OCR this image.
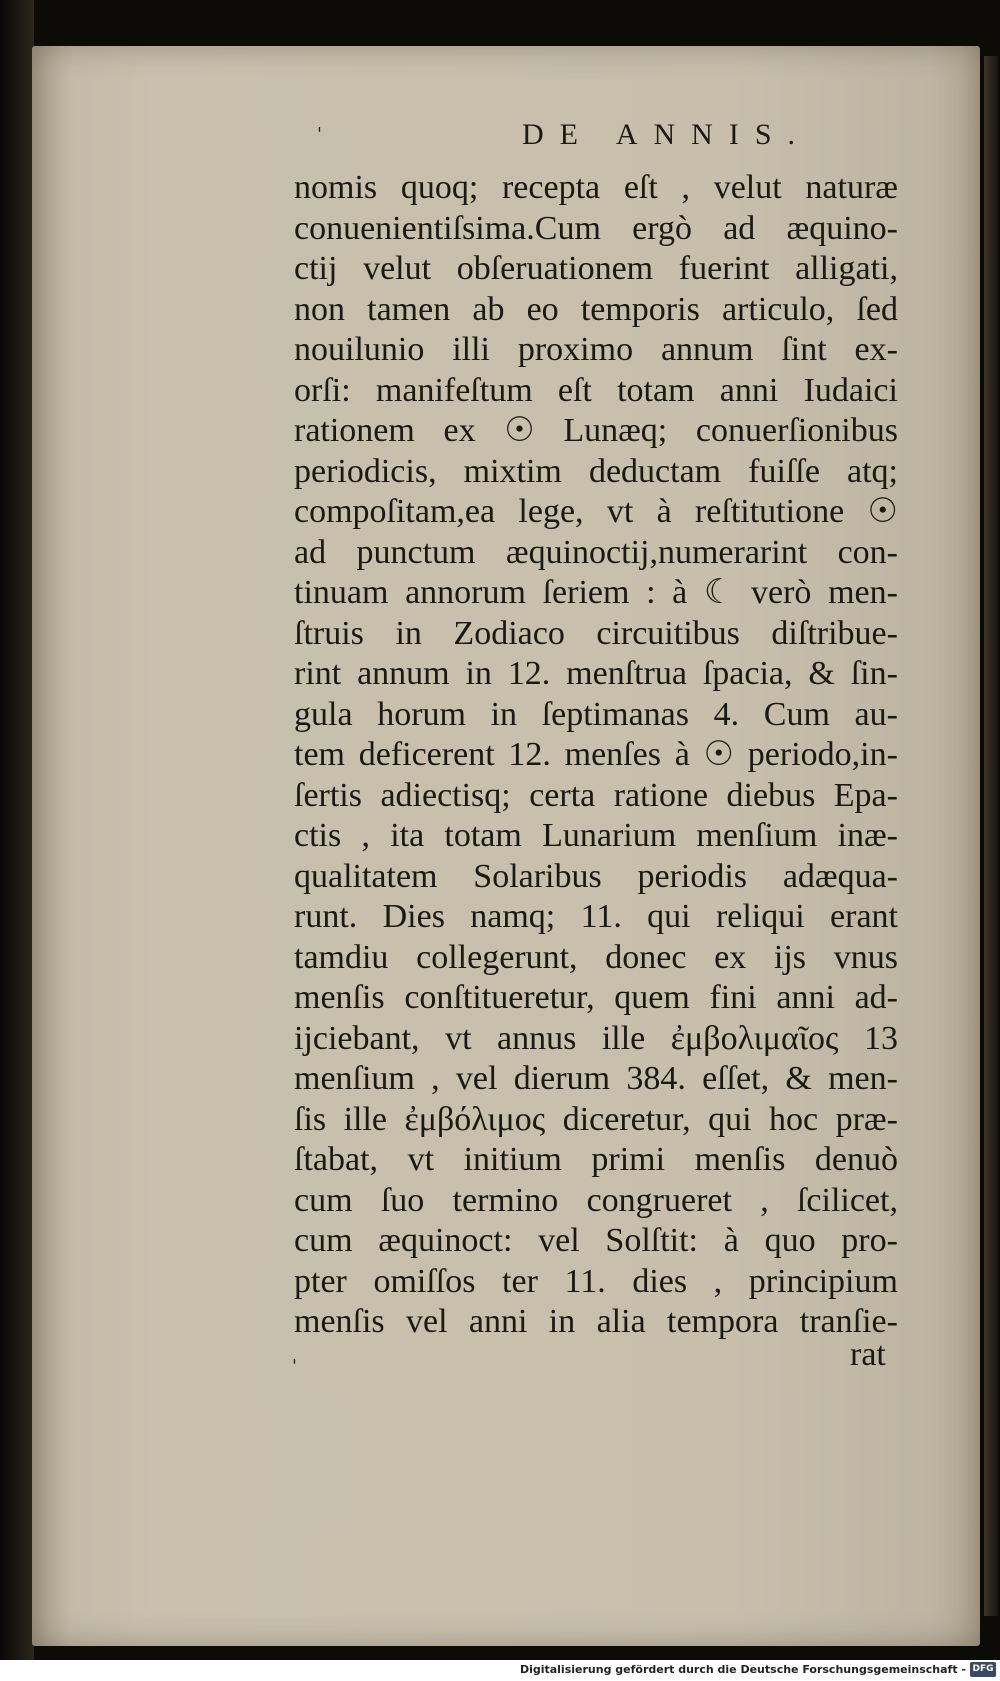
'	DE ANNIS.
nomis quoq; recepta eſt , velut naturæ
conuenientiſsima.Cum ergò ad æquino-
ctij velut obſeruationem fuerint alligati,
non tamen ab eo temporis articulo, ſed
nouilunio illi proximo annum ſint ex-
orſi: manifeſtum eſt totam anni Iudaici
rationem ex ☉ Lunæq; conuerſionibus
periodicis, mixtim deductam fuiſſe atq;
compoſitam,ea lege, vt à reſtitutione ☉
ad punctum æquinoctij,numerarint con-
tinuam annorum ſeriem : à ☾ verò men-
ſtruis in Zodiaco circuitibus diſtribue-
rint annum in 12. menſtrua ſpacia, & ſin-
gula horum in ſeptimanas 4. Cum au-
tem deficerent 12. menſes à ☉ periodo,in-
ſertis adiectisq; certa ratione diebus Epa-
ctis , ita totam Lunarium menſium inæ-
qualitatem Solaribus periodis adæqua-
runt. Dies namq; 11. qui reliqui erant
tamdiu collegerunt, donec ex ijs vnus
menſis conſtitueretur, quem fini anni ad-
ijciebant, vt annus ille ἐμβολιμαῖος 13
menſium , vel dierum 384. eſſet, & men-
ſis ille ἐμβόλιμος diceretur, qui hoc præ-
ſtabat, vt initium primi menſis denuò
cum ſuo termino congrueret , ſcilicet,
cum æquinoct: vel Solſtit: à quo pro-
pter omiſſos ter 11. dies , principium
menſis vel anni in alia tempora tranſie-
'	rat
Digitalisierung gefördert durch die Deutsche Forschungsgemeinschaft - DFG
